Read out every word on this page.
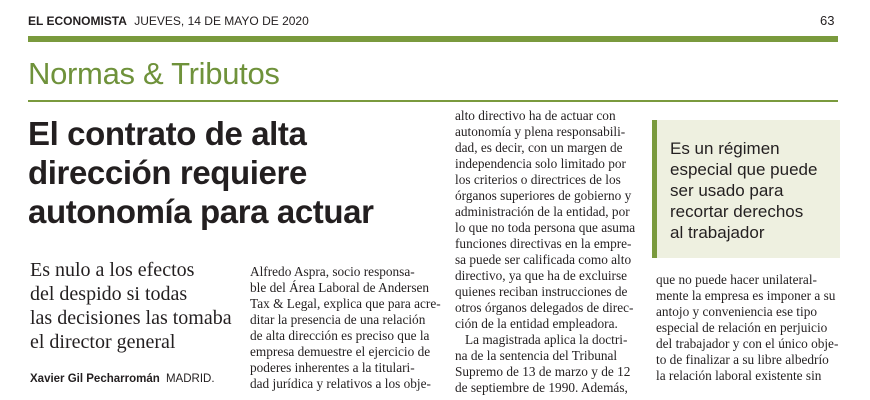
EL ECONOMISTA JUEVES, 14 DE MAYO DE 2020	63
Normas & Tributos
El contrato de alta
dirección requiere
autonomía para actuar
Es nulo a los efectos
del despido si todas
las decisiones las tomaba
el director general
Xavier Gil Pecharromán MADRID.
Alfredo Aspra, socio responsa-
ble del Área Laboral de Andersen
Tax & Legal, explica que para acre-
ditar la presencia de una relación
de alta dirección es preciso que la
empresa demuestre el ejercicio de
poderes inherentes a la titulari-
dad jurídica y relativos a los obje-
alto directivo ha de actuar con
autonomía y plena responsabili-
dad, es decir, con un margen de
independencia solo limitado por
los criterios o directrices de los
órganos superiores de gobierno y
administración de la entidad, por
lo que no toda persona que asuma
funciones directivas en la empre-
sa puede ser calificada como alto
directivo, ya que ha de excluirse
quienes reciban instrucciones de
otros órganos delegados de direc-
ción de la entidad empleadora.
La magistrada aplica la doctri-
na de la sentencia del Tribunal
Supremo de 13 de marzo y de 12
de septiembre de 1990. Además,
Es un régimen
especial que puede
ser usado para
recortar derechos
al trabajador
que no puede hacer unilateral-
mente la empresa es imponer a su
antojo y conveniencia ese tipo
especial de relación en perjuicio
del trabajador y con el único obje-
to de finalizar a su libre albedrío
la relación laboral existente sin
